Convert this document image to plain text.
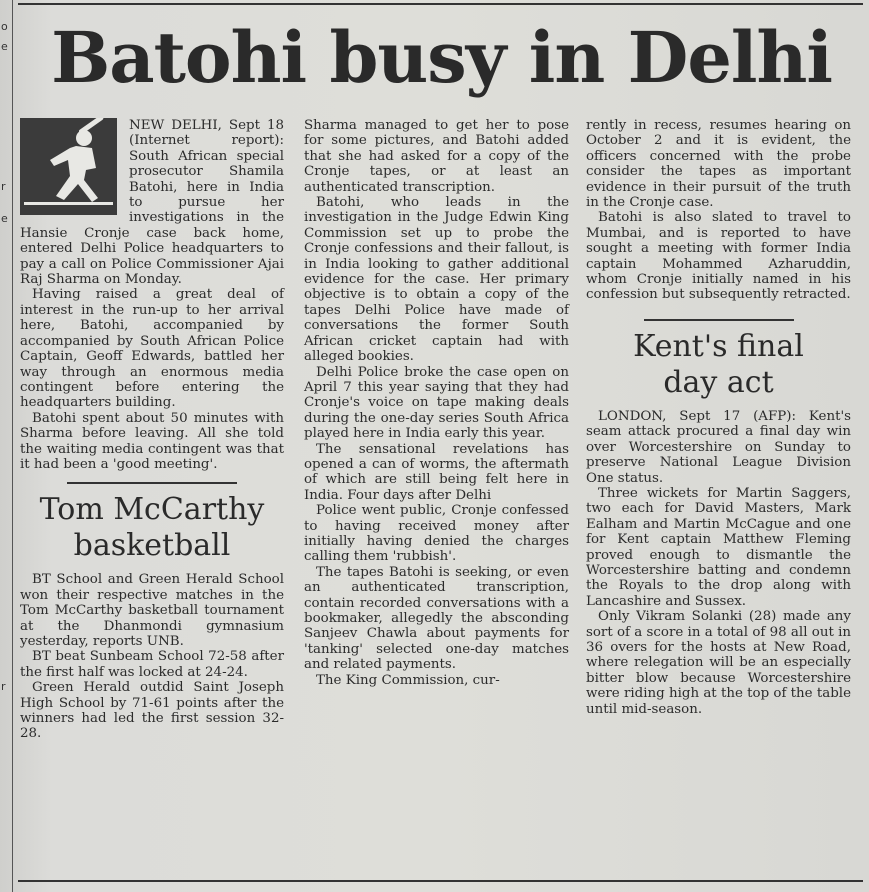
o
e
r
e
r
Batohi busy in Delhi

NEW DELHI, Sept 18 (Internet report): South African special prosecutor Shamila Batohi, here in India to pursue her investigations in the Hansie Cronje case back home, entered Delhi Police headquarters to pay a call on Police Commissioner Ajai Raj Sharma on Monday.

Having raised a great deal of interest in the run-up to her arrival here, Batohi, accompanied by accompanied by South African Police Captain, Geoff Edwards, battled her way through an enormous media contingent before entering the headquarters building.

Batohi spent about 50 minutes with Sharma before leaving. All she told the waiting media contingent was that it had been a 'good meeting'.

Tom McCarthy basketball

BT School and Green Herald School won their respective matches in the Tom McCarthy basketball tournament at the Dhanmondi gymnasium yesterday, reports UNB.

BT beat Sunbeam School 72-58 after the first half was locked at 24-24.

Green Herald outdid Saint Joseph High School by 71-61 points after the winners had led the first session 32-28.

Sharma managed to get her to pose for some pictures, and Batohi added that she had asked for a copy of the Cronje tapes, or at least an authenticated transcription.

Batohi, who leads in the investigation in the Judge Edwin King Commission set up to probe the Cronje confessions and their fallout, is in India looking to gather additional evidence for the case. Her primary objective is to obtain a copy of the tapes Delhi Police have made of conversations the former South African cricket captain had with alleged bookies.

Delhi Police broke the case open on April 7 this year saying that they had Cronje's voice on tape making deals during the one-day series South Africa played here in India early this year.

The sensational revelations has opened a can of worms, the aftermath of which are still being felt here in India. Four days after Delhi

Police went public, Cronje confessed to having received money after initially having denied the charges calling them 'rubbish'.

The tapes Batohi is seeking, or even an authenticated transcription, contain recorded conversations with a bookmaker, allegedly the absconding Sanjeev Chawla about payments for 'tanking' selected one-day matches and related payments.

The King Commission, cur-

rently in recess, resumes hearing on October 2 and it is evident, the officers concerned with the probe consider the tapes as important evidence in their pursuit of the truth in the Cronje case.

Batohi is also slated to travel to Mumbai, and is reported to have sought a meeting with former India captain Mohammed Azharuddin, whom Cronje initially named in his confession but subsequently retracted.

Kent's final day act

LONDON, Sept 17 (AFP): Kent's seam attack procured a final day win over Worcestershire on Sunday to preserve National League Division One status.

Three wickets for Martin Saggers, two each for David Masters, Mark Ealham and Martin McCague and one for Kent captain Matthew Fleming proved enough to dismantle the Worcestershire batting and condemn the Royals to the drop along with Lancashire and Sussex.

Only Vikram Solanki (28) made any sort of a score in a total of 98 all out in 36 overs for the hosts at New Road, where relegation will be an especially bitter blow because Worcestershire were riding high at the top of the table until mid-season.
